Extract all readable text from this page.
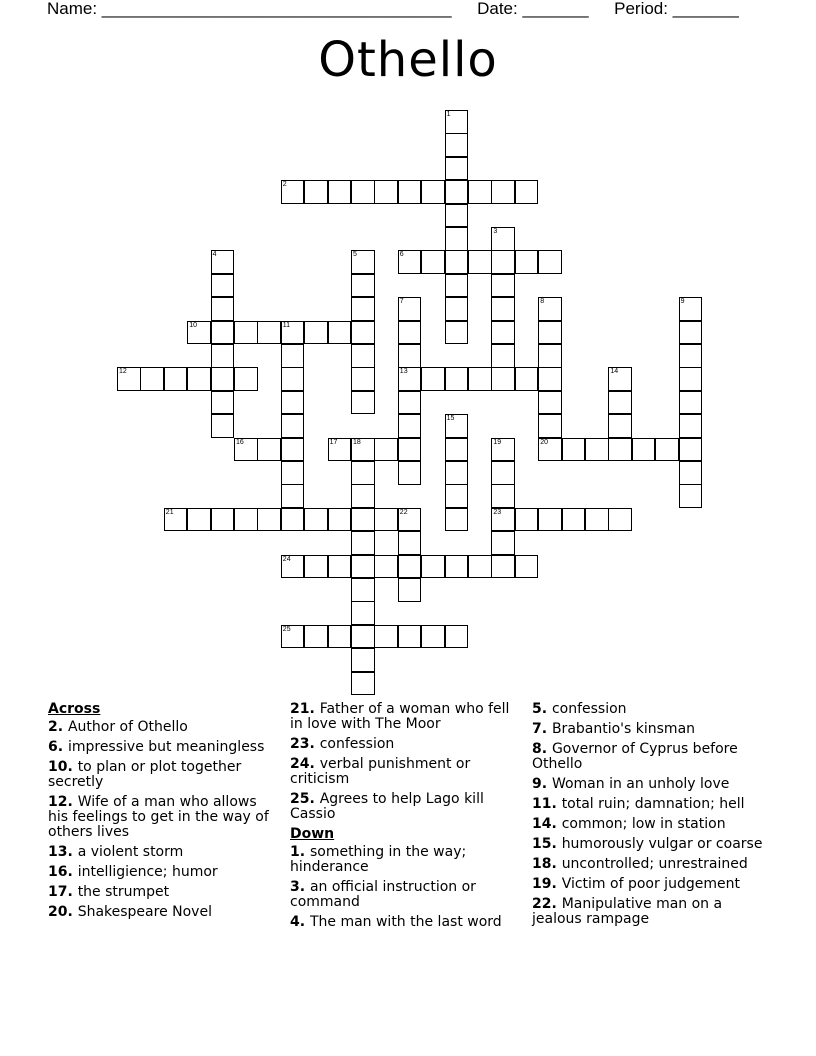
Name: _____________________________________ Date: _______ Period: _______
Othello
1
2
3
4	5	6
7
13
8
20
9
10	11
12	14
15
16	17 18	19
23
21	22
24
25
Across
2. Author of Othello
6. impressive but meaningless
10. to plan or plot together secretly
12. Wife of a man who allows his feelings to get in the way of others lives
13. a violent storm
16. intelligience; humor
17. the strumpet
20. Shakespeare Novel
21. Father of a woman who fell in love with The Moor
23. confession
24. verbal punishment or criticism
25. Agrees to help Lago kill Cassio
Down
1. something in the way; hinderance
3. an official instruction or command
4. The man with the last word
5. confession
7. Brabantio's kinsman
8. Governor of Cyprus before Othello
9. Woman in an unholy love
11. total ruin; damnation; hell
14. common; low in station
15. humorously vulgar or coarse
18. uncontrolled; unrestrained
19. Victim of poor judgement
22. Manipulative man on a jealous rampage
